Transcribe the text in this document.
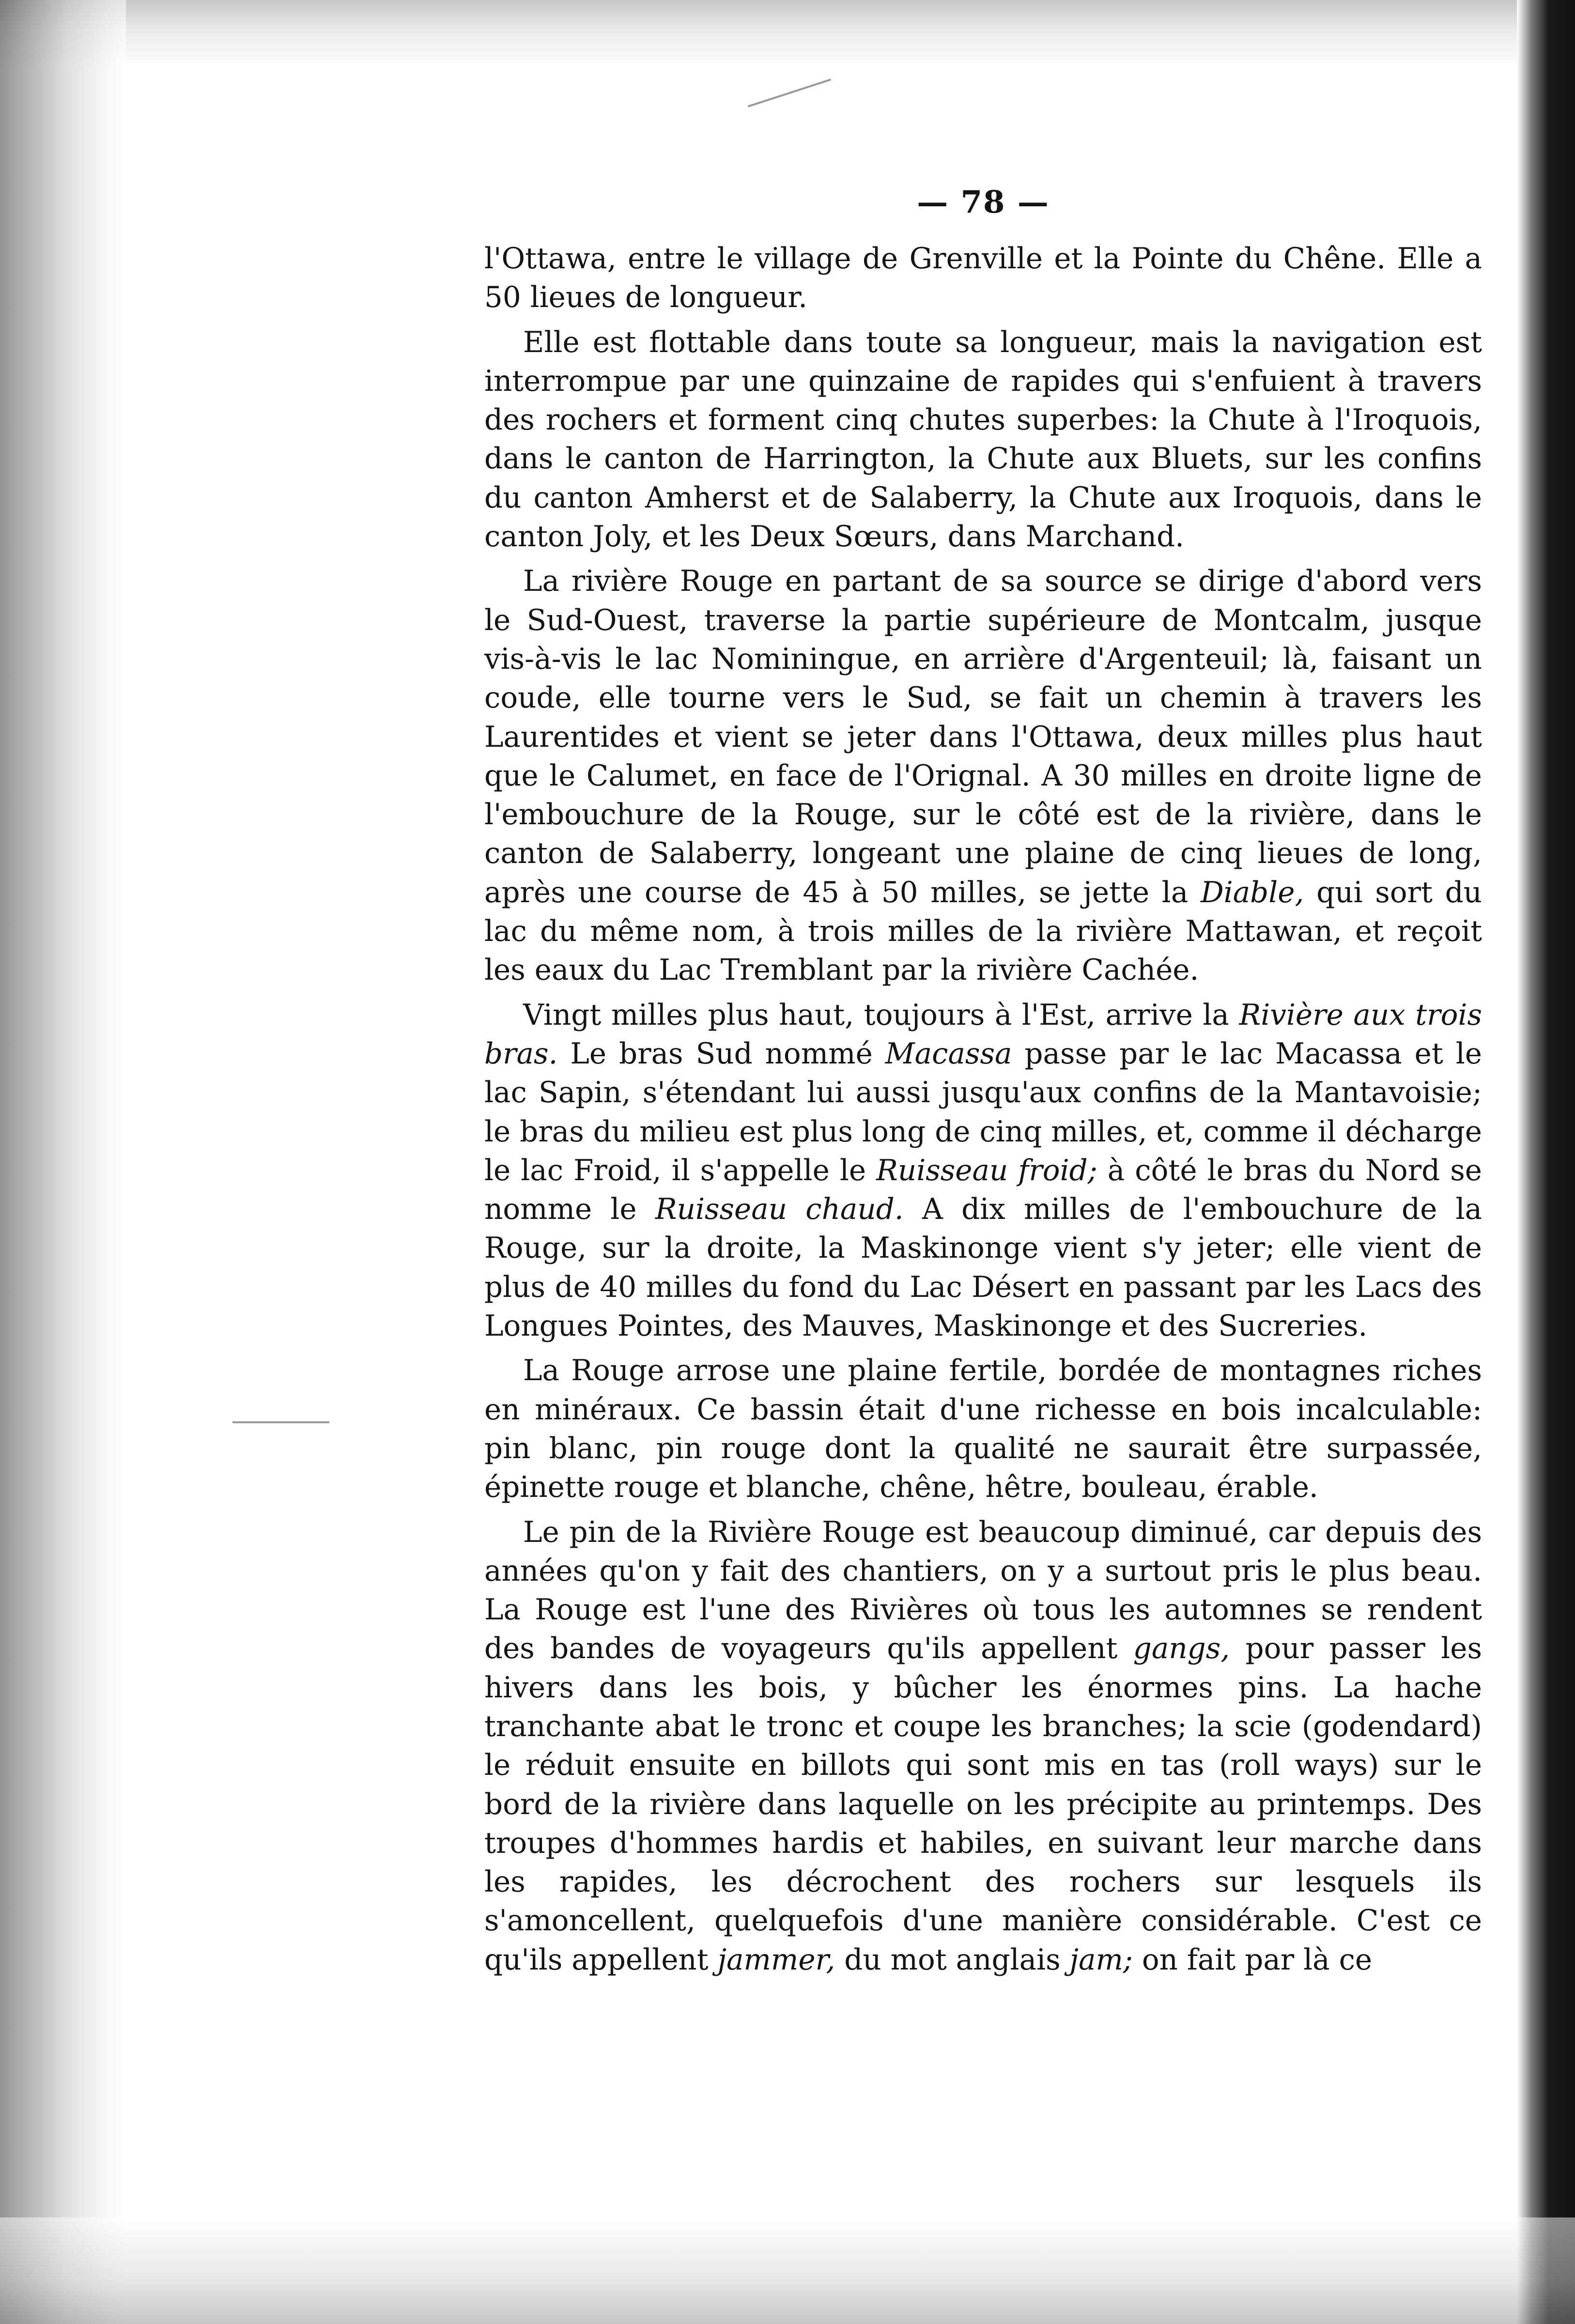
— 78 —

l'Ottawa, entre le village de Grenville et la Pointe du Chêne. Elle a 50 lieues de longueur.

Elle est flottable dans toute sa longueur, mais la navigation est interrompue par une quinzaine de rapides qui s'enfuient à travers des rochers et forment cinq chutes superbes: la Chute à l'Iroquois, dans le canton de Harrington, la Chute aux Bluets, sur les confins du canton Amherst et de Salaberry, la Chute aux Iroquois, dans le canton Joly, et les Deux Sœurs, dans Marchand.

La rivière Rouge en partant de sa source se dirige d'abord vers le Sud-Ouest, traverse la partie supérieure de Montcalm, jusque vis-à-vis le lac Nominingue, en arrière d'Argenteuil; là, faisant un coude, elle tourne vers le Sud, se fait un chemin à travers les Laurentides et vient se jeter dans l'Ottawa, deux milles plus haut que le Calumet, en face de l'Orignal. A 30 milles en droite ligne de l'embouchure de la Rouge, sur le côté est de la rivière, dans le canton de Salaberry, longeant une plaine de cinq lieues de long, après une course de 45 à 50 milles, se jette la Diable, qui sort du lac du même nom, à trois milles de la rivière Mattawan, et reçoit les eaux du Lac Tremblant par la rivière Cachée.

Vingt milles plus haut, toujours à l'Est, arrive la Rivière aux trois bras. Le bras Sud nommé Macassa passe par le lac Macassa et le lac Sapin, s'étendant lui aussi jusqu'aux confins de la Mantavoisie; le bras du milieu est plus long de cinq milles, et, comme il décharge le lac Froid, il s'appelle le Ruisseau froid; à côté le bras du Nord se nomme le Ruisseau chaud. A dix milles de l'embouchure de la Rouge, sur la droite, la Maskinonge vient s'y jeter; elle vient de plus de 40 milles du fond du Lac Désert en passant par les Lacs des Longues Pointes, des Mauves, Maskinonge et des Sucreries.

La Rouge arrose une plaine fertile, bordée de montagnes riches en minéraux. Ce bassin était d'une richesse en bois incalculable: pin blanc, pin rouge dont la qualité ne saurait être surpassée, épinette rouge et blanche, chêne, hêtre, bouleau, érable.

Le pin de la Rivière Rouge est beaucoup diminué, car depuis des années qu'on y fait des chantiers, on y a surtout pris le plus beau. La Rouge est l'une des Rivières où tous les automnes se rendent des bandes de voyageurs qu'ils appellent gangs, pour passer les hivers dans les bois, y bûcher les énormes pins. La hache tranchante abat le tronc et coupe les branches; la scie (godendard) le réduit ensuite en billots qui sont mis en tas (roll ways) sur le bord de la rivière dans laquelle on les précipite au printemps. Des troupes d'hommes hardis et habiles, en suivant leur marche dans les rapides, les décrochent des rochers sur lesquels ils s'amoncellent, quelquefois d'une manière considérable. C'est ce qu'ils appellent jammer, du mot anglais jam; on fait par là ce
